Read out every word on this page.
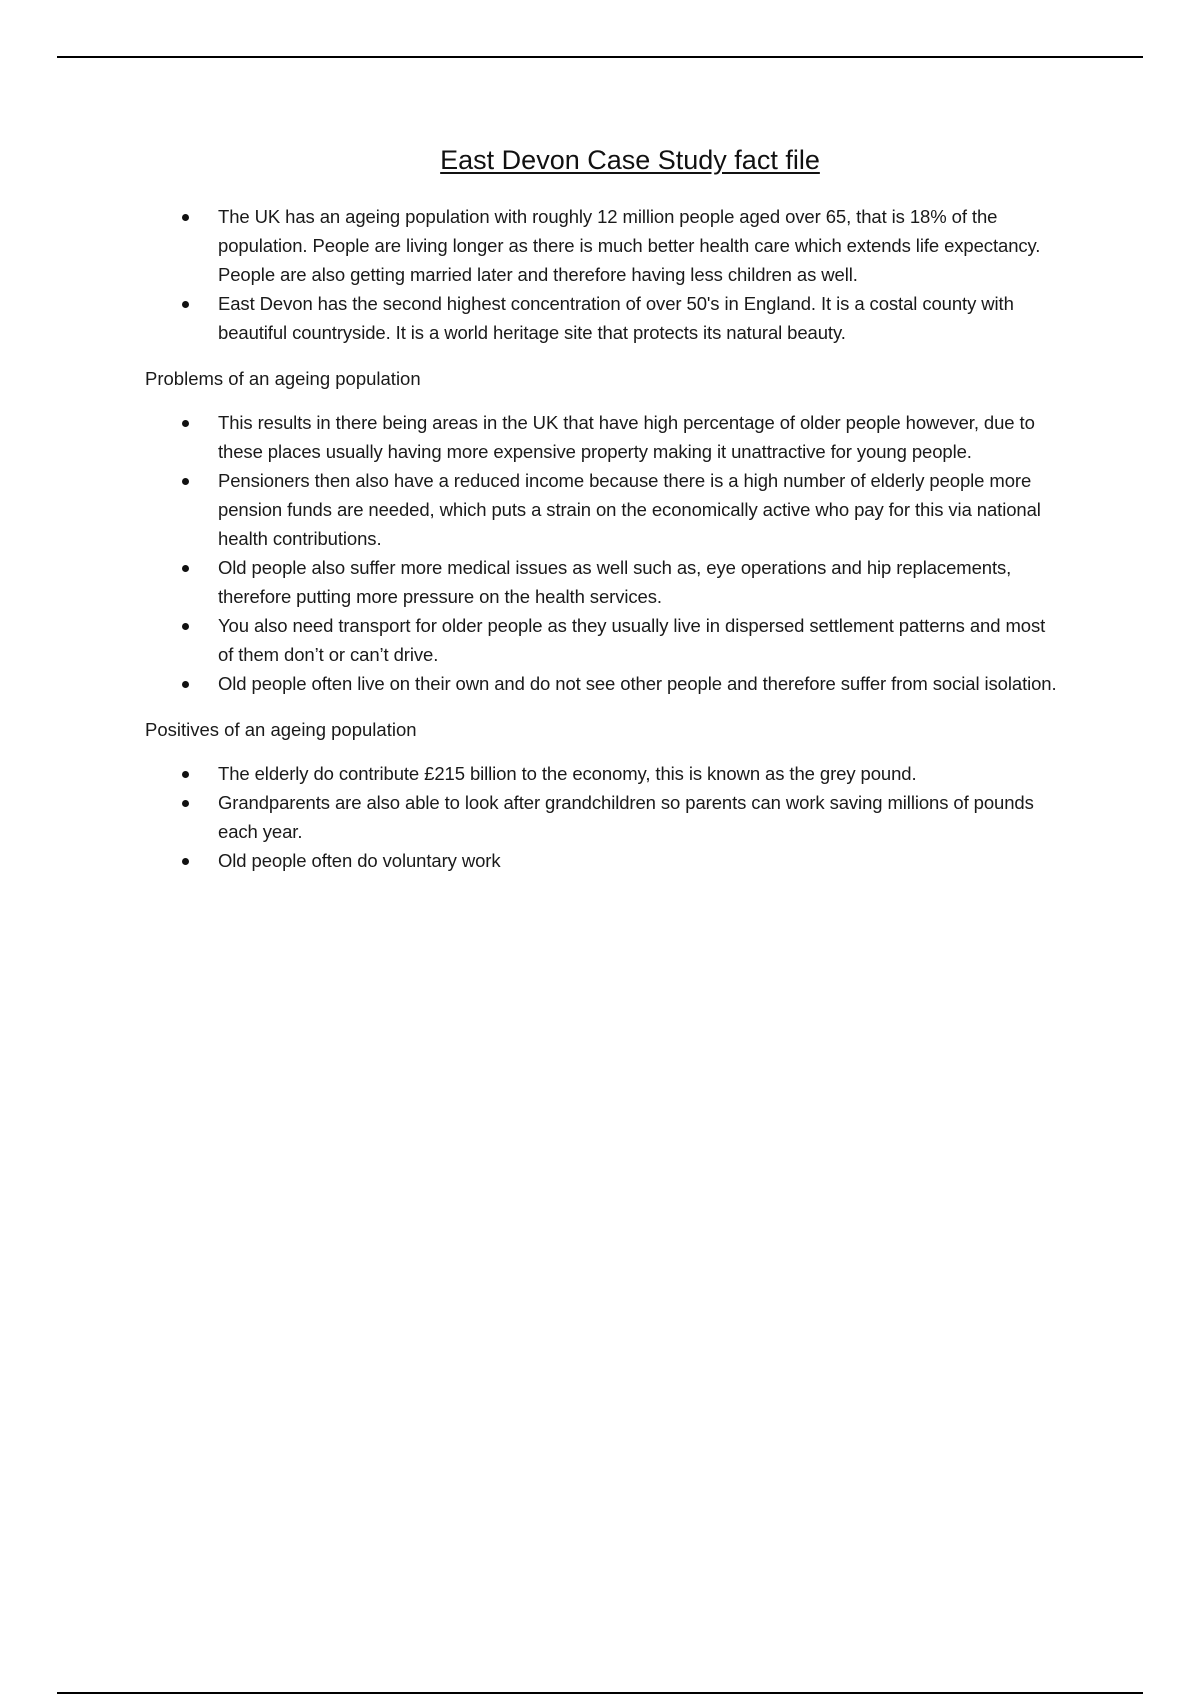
East Devon Case Study fact file
The UK has an ageing population with roughly 12 million people aged over 65, that is 18% of the population. People are living longer as there is much better health care which extends life expectancy. People are also getting married later and therefore having less children as well.
East Devon has the second highest concentration of over 50's in England. It is a costal county with beautiful countryside. It is a world heritage site that protects its natural beauty.
Problems of an ageing population
This results in there being areas in the UK that have high percentage of older people however, due to these places usually having more expensive property making it unattractive for young people.
Pensioners then also have a reduced income because there is a high number of elderly people more pension funds are needed, which puts a strain on the economically active who pay for this via national health contributions.
Old people also suffer more medical issues as well such as, eye operations and hip replacements, therefore putting more pressure on the health services.
You also need transport for older people as they usually live in dispersed settlement patterns and most of them don’t or can’t drive.
Old people often live on their own and do not see other people and therefore suffer from social isolation.
Positives of an ageing population
The elderly do contribute £215 billion to the economy, this is known as the grey pound.
Grandparents are also able to look after grandchildren so parents can work saving millions of pounds each year.
Old people often do voluntary work
